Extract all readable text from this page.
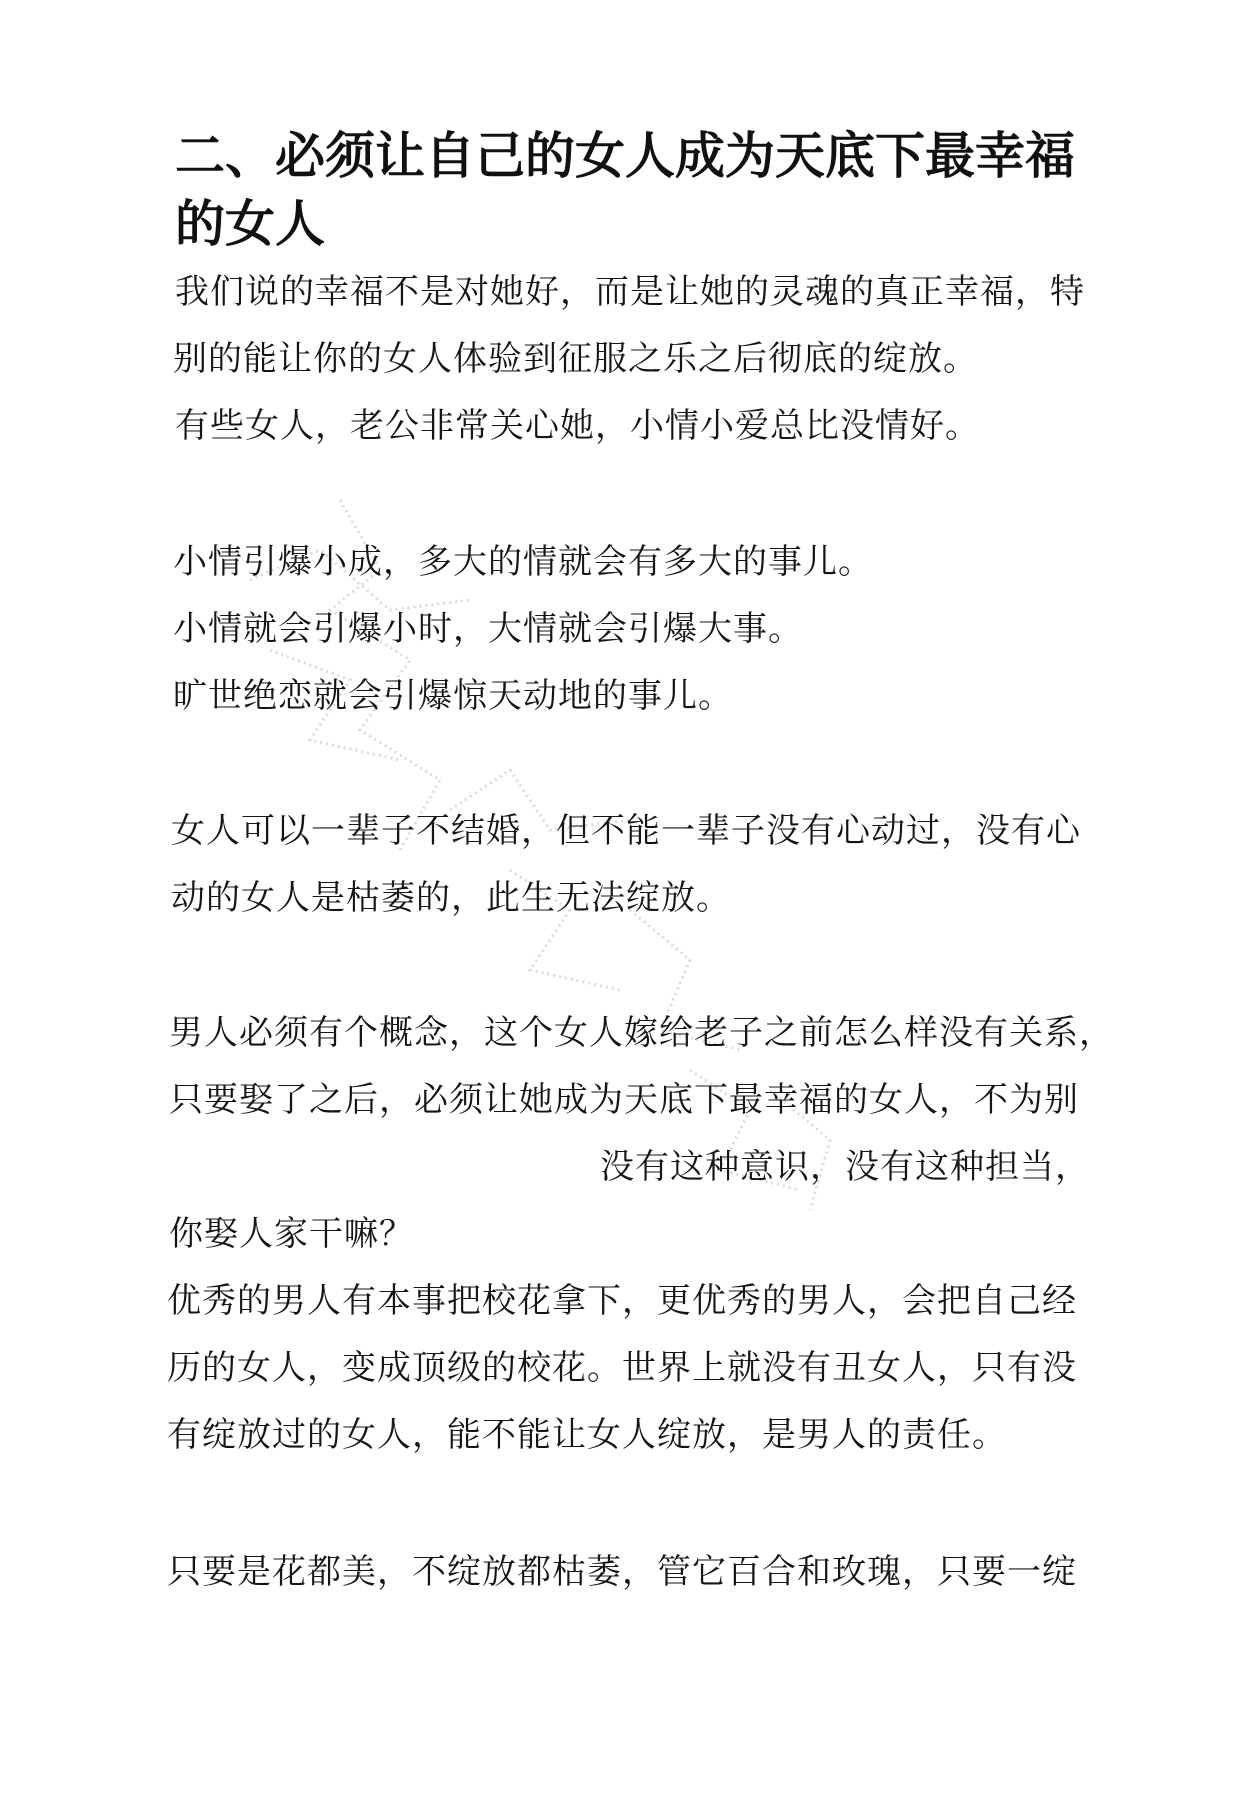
二、必须让自己的女人成为天底下最幸福
的女人
我们说的幸福不是对她好，而是让她的灵魂的真正幸福，特
别的能让你的女人体验到征服之乐之后彻底的绽放。
有些女人，老公非常关心她，小情小爱总比没情好。
小情引爆小成，多大的情就会有多大的事儿。
小情就会引爆小时，大情就会引爆大事。
旷世绝恋就会引爆惊天动地的事儿。
女人可以一辈子不结婚，但不能一辈子没有心动过，没有心
动的女人是枯萎的，此生无法绽放。
男人必须有个概念，这个女人嫁给老子之前怎么样没有关系，
只要娶了之后，必须让她成为天底下最幸福的女人，不为别
没有这种意识，没有这种担当，
你娶人家干嘛？
优秀的男人有本事把校花拿下，更优秀的男人，会把自己经
历的女人，变成顶级的校花。世界上就没有丑女人，只有没
有绽放过的女人，能不能让女人绽放，是男人的责任。
只要是花都美，不绽放都枯萎，管它百合和玫瑰，只要一绽
